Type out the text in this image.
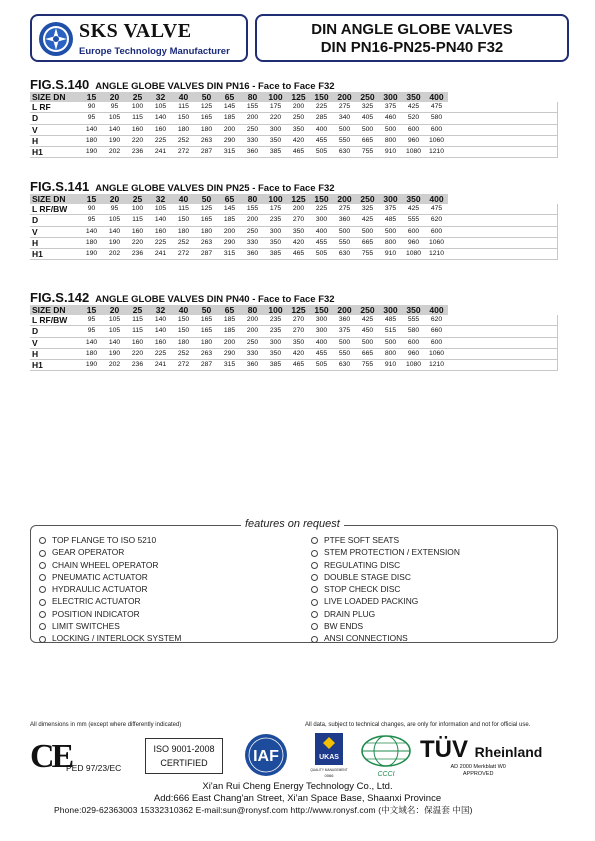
SKS VALVE
Europe Technology Manufacturer
DIN ANGLE GLOBE VALVES
DIN PN16-PN25-PN40 F32
FIG.S.140 ANGLE GLOBE VALVES DIN PN16 - Face to Face F32
SIZE DN	15	20	25	32	40	50	65	80	100	125	150	200	250	300	350	400	
L RF	90	95	100	105	115	125	145	155	175	200	225	275	325	375	425	475	
D	95	105	115	140	150	165	185	200	220	250	285	340	405	460	520	580	
V	140	140	160	160	180	180	200	250	300	350	400	500	500	500	600	600	
H	180	190	220	225	252	263	290	330	350	420	455	550	665	800	960	1060	
H1	190	202	236	241	272	287	315	360	385	465	505	630	755	910	1080	1210	
FIG.S.141 ANGLE GLOBE VALVES DIN PN25 - Face to Face F32
SIZE DN	15	20	25	32	40	50	65	80	100	125	150	200	250	300	350	400	
L RF/BW	90	95	100	105	115	125	145	155	175	200	225	275	325	375	425	475	
D	95	105	115	140	150	165	185	200	235	270	300	360	425	485	555	620	
V	140	140	160	160	180	180	200	250	300	350	400	500	500	500	600	600	
H	180	190	220	225	252	263	290	330	350	420	455	550	665	800	960	1060	
H1	190	202	236	241	272	287	315	360	385	465	505	630	755	910	1080	1210	
FIG.S.142 ANGLE GLOBE VALVES DIN PN40 - Face to Face F32
SIZE DN	15	20	25	32	40	50	65	80	100	125	150	200	250	300	350	400	
L RF/BW	95	105	115	140	150	165	185	200	235	270	300	360	425	485	555	620	
D	95	105	115	140	150	165	185	200	235	270	300	375	450	515	580	660	
V	140	140	160	160	180	180	200	250	300	350	400	500	500	500	600	600	
H	180	190	220	225	252	263	290	330	350	420	455	550	665	800	960	1060	
H1	190	202	236	241	272	287	315	360	385	465	505	630	755	910	1080	1210	
features on request
TOP FLANGE TO ISO 5210
GEAR OPERATOR
CHAIN WHEEL OPERATOR
PNEUMATIC ACTUATOR
HYDRAULIC ACTUATOR
ELECTRIC ACTUATOR
POSITION INDICATOR
LIMIT SWITCHES
LOCKING / INTERLOCK SYSTEM
PTFE SOFT SEATS
STEM PROTECTION / EXTENSION
REGULATING DISC
DOUBLE STAGE DISC
STOP CHECK DISC
LIVE LOADED PACKING
DRAIN PLUG
BW ENDS
ANSI CONNECTIONS
All dimensions in mm (except where differently indicated)	All data, subject to technical changes, are only for information and not for official use.
CE
PED 97/23/EC
ISO 9001-2008
CERTIFIED	IAF	UKAS
QUALITY MANAGEMENT
0066	CCCI
TÜV Rheinland
AD 2000 Merkblatt W0
APPROVED
Xi'an Rui Cheng Energy Technology Co., Ltd.
Add:666 East Chang'an Street, Xi'an Space Base, Shaanxi Province
Phone:029-62363003 15332310362 E-mail:sun@ronysf.com http://www.ronysf.com (中文域名：保温套 中国)
